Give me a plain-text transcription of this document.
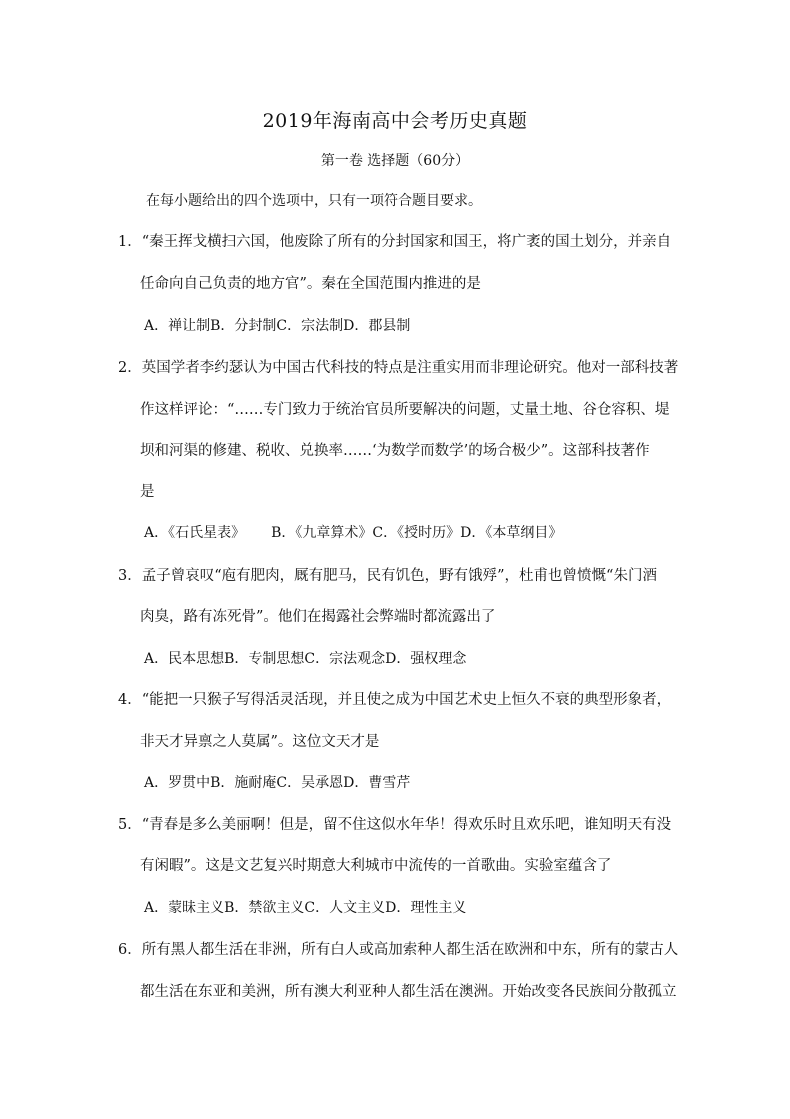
2019年海南高中会考历史真题
第一卷 选择题（60分）
在每小题给出的四个选项中，只有一项符合题目要求。
1．“秦王挥戈横扫六国，他废除了所有的分封国家和国王，将广袤的国土划分，并亲自
任命向自己负责的地方官”。秦在全国范围内推进的是
A．禅让制B．分封制C．宗法制D．郡县制
2．英国学者李约瑟认为中国古代科技的特点是注重实用而非理论研究。他对一部科技著
作这样评论：“……专门致力于统治官员所要解决的问题，丈量土地、谷仓容积、堤
坝和河渠的修建、税收、兑换率……‘为数学而数学’的场合极少”。这部科技著作
是
A．《石氏星表》 B．《九章算术》C．《授时历》D．《本草纲目》
3．孟子曾哀叹“庖有肥肉，厩有肥马，民有饥色，野有饿殍”，杜甫也曾愤慨“朱门酒
肉臭，路有冻死骨”。他们在揭露社会弊端时都流露出了
A．民本思想B．专制思想C．宗法观念D．强权理念
4．“能把一只猴子写得活灵活现，并且使之成为中国艺术史上恒久不衰的典型形象者，
非天才异禀之人莫属”。这位文天才是
A．罗贯中B．施耐庵C．吴承恩D．曹雪芹
5．“青春是多么美丽啊！但是，留不住这似水年华！得欢乐时且欢乐吧，谁知明天有没
有闲暇”。这是文艺复兴时期意大利城市中流传的一首歌曲。实验室蕴含了
A．蒙昧主义B．禁欲主义C．人文主义D．理性主义
6．所有黑人都生活在非洲，所有白人或高加索种人都生活在欧洲和中东，所有的蒙古人
都生活在东亚和美洲，所有澳大利亚种人都生活在澳洲。开始改变各民族间分散孤立
